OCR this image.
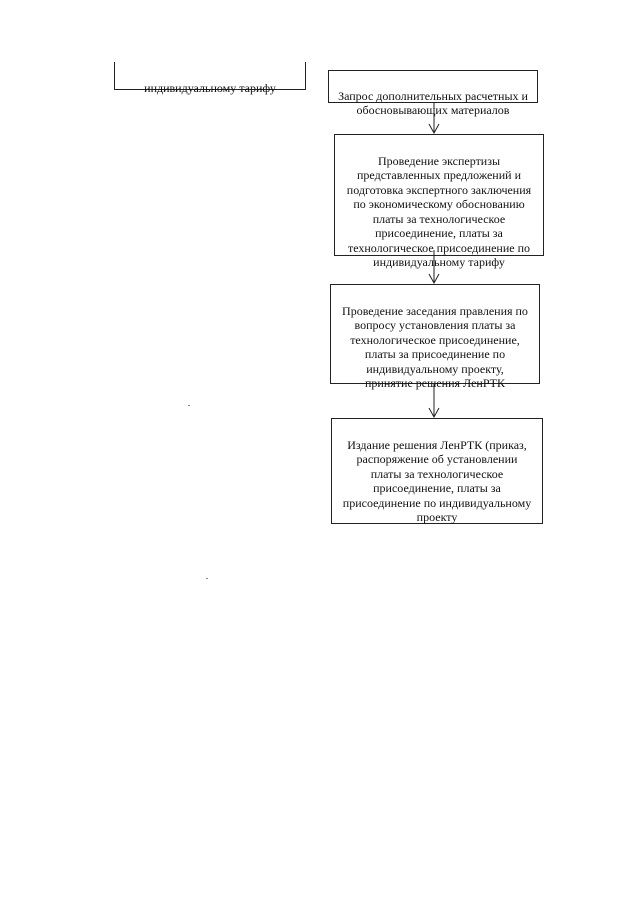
индивидуальному тарифу

Запрос дополнительных расчетных и
обосновывающих материалов

Проведение экспертизы
представленных предложений и
подготовка экспертного заключения
по экономическому обоснованию
платы за технологическое
присоединение, платы за
технологическое присоединение по
индивидуальному тарифу

Проведение заседания правления по
вопросу установления платы за
технологическое присоединение,
платы за присоединение по
индивидуальному проекту,
принятие решения ЛенРТК

Издание решения ЛенРТК (приказ,
распоряжение об установлении
платы за технологическое
присоединение, платы за
присоединение по индивидуальному
проекту
